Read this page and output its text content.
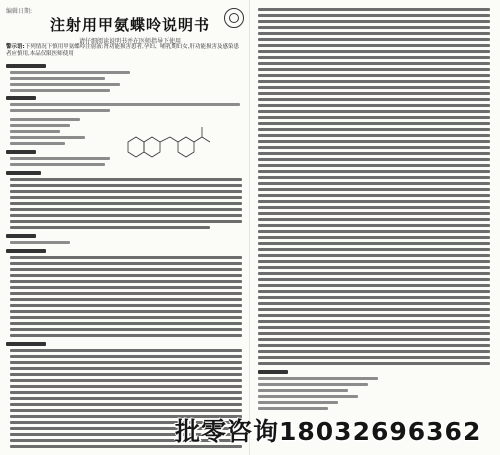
编辑日期:
注射用甲氨蝶呤说明书
请仔细阅读说明书并在医师指导下使用
警示语:下列情况下慎用甲氨蝶呤注射液:肾功能损害患者,孕妇、哺乳期妇女,肝功能损害及感染患者应慎用,本品仅限医师使用
批零咨询18032696362
